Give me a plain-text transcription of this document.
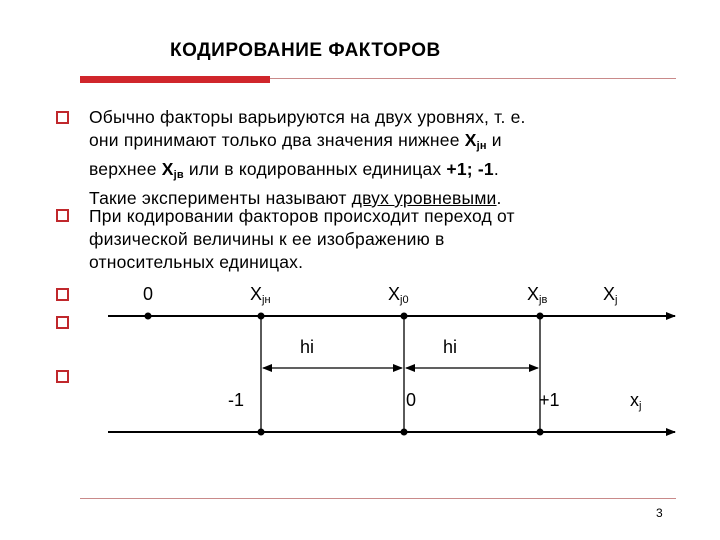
КОДИРОВАНИЕ ФАКТОРОВ
Обычно факторы варьируются на двух уровнях, т. е.
они принимают только два значения нижнее $X_{jн}$ и
верхнее $X_{jв}$ или в кодированных единицах +1; -1.
Такие эксперименты называют двух уровневыми.
При кодировании факторов происходит переход от
физической величины к ее изображению в
относительных единицах.
0	$X_{jн}$	$X_{j0}$	$X_{jв}$	$X_j$
hi	hi
-1	0	+1	$x_j$
3
